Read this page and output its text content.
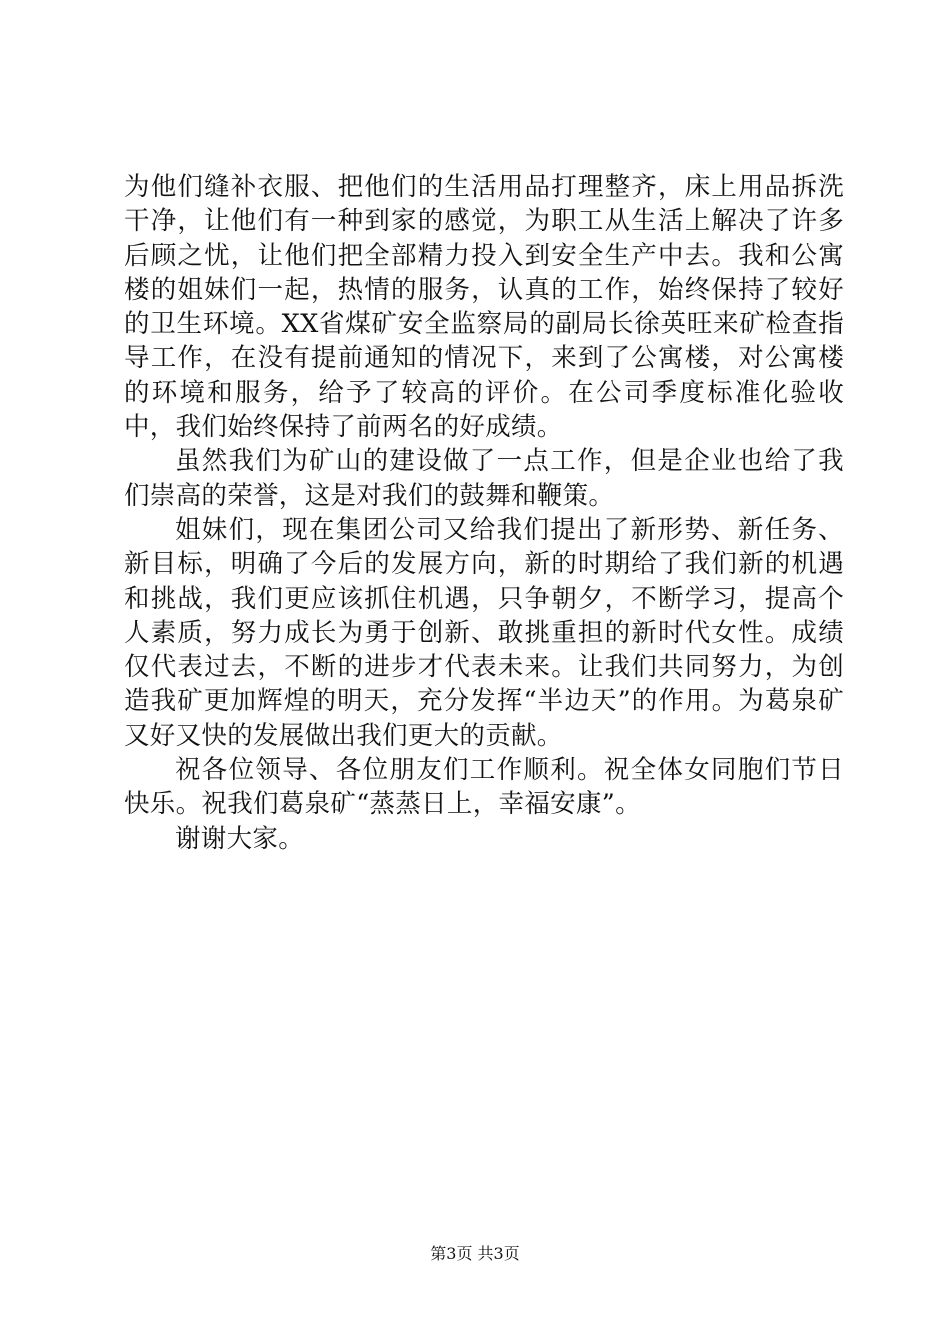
为他们缝补衣服、把他们的生活用品打理整齐，床上用品拆洗干净，让他们有一种到家的感觉，为职工从生活上解决了许多后顾之忧，让他们把全部精力投入到安全生产中去。我和公寓楼的姐妹们一起，热情的服务，认真的工作，始终保持了较好的卫生环境。XX省煤矿安全监察局的副局长徐英旺来矿检查指导工作，在没有提前通知的情况下，来到了公寓楼，对公寓楼的环境和服务，给予了较高的评价。在公司季度标准化验收中，我们始终保持了前两名的好成绩。

虽然我们为矿山的建设做了一点工作，但是企业也给了我们崇高的荣誉，这是对我们的鼓舞和鞭策。

姐妹们，现在集团公司又给我们提出了新形势、新任务、新目标，明确了今后的发展方向，新的时期给了我们新的机遇和挑战，我们更应该抓住机遇，只争朝夕，不断学习，提高个人素质，努力成长为勇于创新、敢挑重担的新时代女性。成绩仅代表过去，不断的进步才代表未来。让我们共同努力，为创造我矿更加辉煌的明天，充分发挥“半边天”的作用。为葛泉矿又好又快的发展做出我们更大的贡献。

祝各位领导、各位朋友们工作顺利。祝全体女同胞们节日快乐。祝我们葛泉矿“蒸蒸日上，幸福安康”。

谢谢大家。

第3页 共3页
